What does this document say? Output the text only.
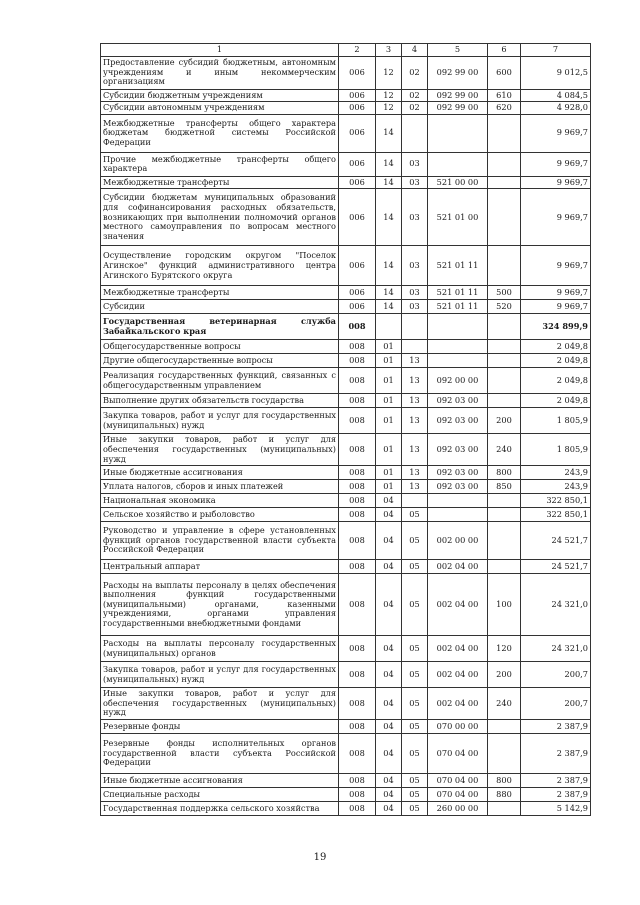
1	2	3	4	5	6	7
Предоставление субсидий бюджетным, автономным учреждениям и иным некоммерческим организациям	006	12	02	092 99 00	600	9 012,5
Субсидии бюджетным учреждениям	006	12	02	092 99 00	610	4 084,5
Субсидии автономным учреждениям	006	12	02	092 99 00	620	4 928,0
Межбюджетные трансферты общего характера бюджетам бюджетной системы Российской Федерации	006	14				9 969,7
Прочие межбюджетные трансферты общего характера	006	14	03			9 969,7
Межбюджетные трансферты	006	14	03	521 00 00		9 969,7
Субсидии бюджетам муниципальных образований для софинансирования расходных обязательств, возникающих при выполнении полномочий органов местного самоуправления по вопросам местного значения	006	14	03	521 01 00		9 969,7
Осуществление городским округом "Поселок Агинское" функций административного центра Агинского Бурятского округа	006	14	03	521 01 11		9 969,7
Межбюджетные трансферты	006	14	03	521 01 11	500	9 969,7
Субсидии	006	14	03	521 01 11	520	9 969,7
Государственная ветеринарная служба Забайкальского края	008					324 899,9
Общегосударственные вопросы	008	01				2 049,8
Другие общегосударственные вопросы	008	01	13			2 049,8
Реализация государственных функций, связанных с общегосударственным управлением	008	01	13	092 00 00		2 049,8
Выполнение других обязательств государства	008	01	13	092 03 00		2 049,8
Закупка товаров, работ и услуг для государственных (муниципальных) нужд	008	01	13	092 03 00	200	1 805,9
Иные закупки товаров, работ и услуг для обеспечения государственных (муниципальных) нужд	008	01	13	092 03 00	240	1 805,9
Иные бюджетные ассигнования	008	01	13	092 03 00	800	243,9
Уплата налогов, сборов и иных платежей	008	01	13	092 03 00	850	243,9
Национальная экономика	008	04				322 850,1
Сельское хозяйство и рыболовство	008	04	05			322 850,1
Руководство и управление в сфере установленных функций органов государственной власти субъекта Российской Федерации	008	04	05	002 00 00		24 521,7
Центральный аппарат	008	04	05	002 04 00		24 521,7
Расходы на выплаты персоналу в целях обеспечения выполнения функций государственными (муниципальными) органами, казенными учреждениями, органами управления государственными внебюджетными фондами	008	04	05	002 04 00	100	24 321,0
Расходы на выплаты персоналу государственных (муниципальных) органов	008	04	05	002 04 00	120	24 321,0
Закупка товаров, работ и услуг для государственных (муниципальных) нужд	008	04	05	002 04 00	200	200,7
Иные закупки товаров, работ и услуг для обеспечения государственных (муниципальных) нужд	008	04	05	002 04 00	240	200,7
Резервные фонды	008	04	05	070 00 00		2 387,9
Резервные фонды исполнительных органов государственной власти субъекта Российской Федерации	008	04	05	070 04 00		2 387,9
Иные бюджетные ассигнования	008	04	05	070 04 00	800	2 387,9
Специальные расходы	008	04	05	070 04 00	880	2 387,9
Государственная поддержка сельского хозяйства	008	04	05	260 00 00		5 142,9
19
